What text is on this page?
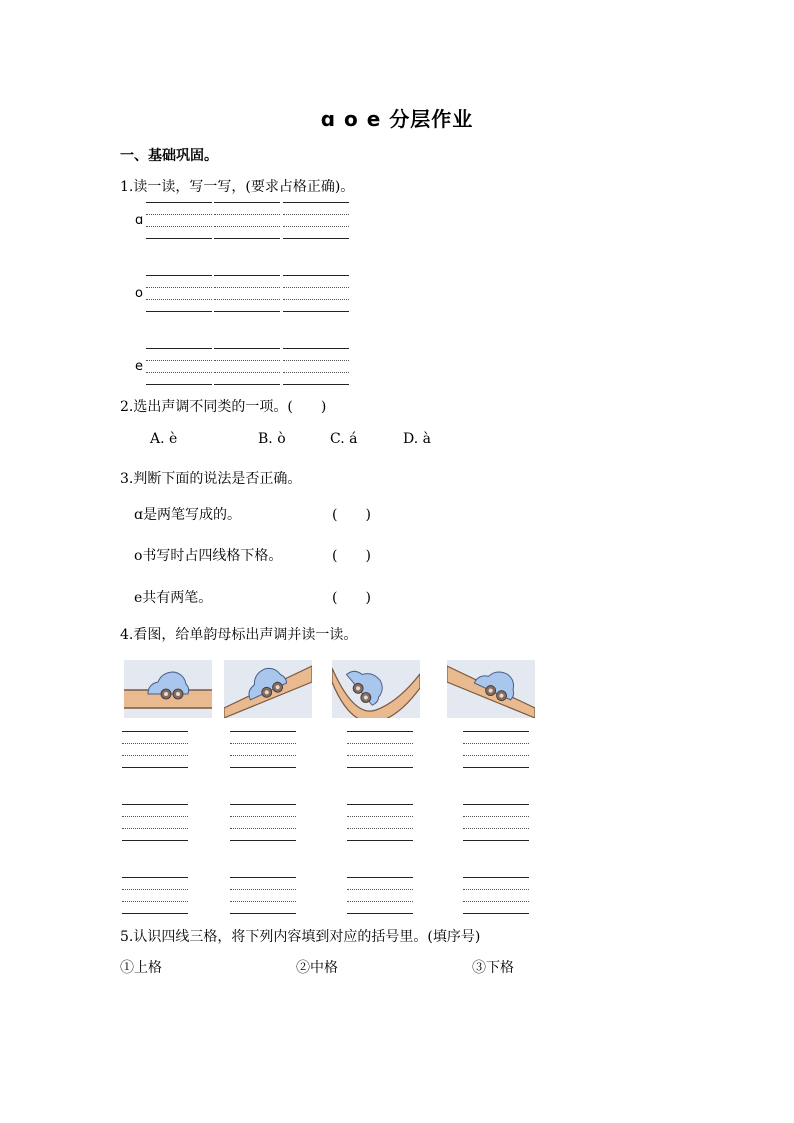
ɑ o e 分层作业
一、基础巩固。
1.读一读，写一写，(要求占格正确)。
ɑ
o
e
2.选出声调不同类的一项。(　　)
A. è	B. ò	C. á	D. à
3.判断下面的说法是否正确。
ɑ是两笔写成的。	(　　)
o书写时占四线格下格。	(　　)
e共有两笔。	(　　)
4.看图，给单韵母标出声调并读一读。
5.认识四线三格，将下列内容填到对应的括号里。(填序号)
①上格	②中格	③下格
